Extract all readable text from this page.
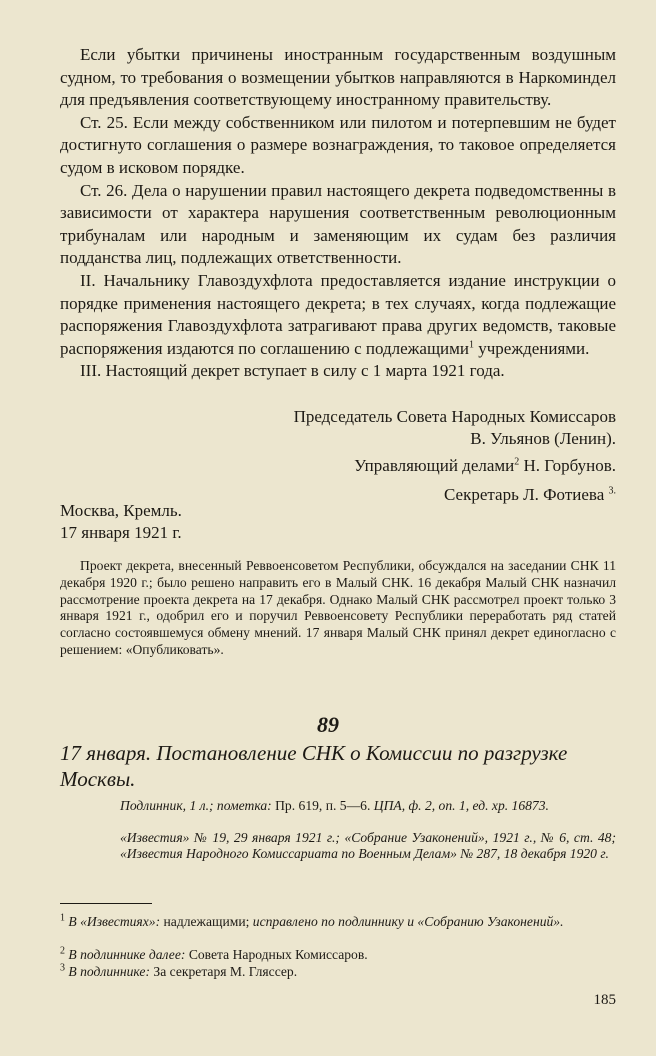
Если убытки причинены иностранным государственным воздушным судном, то требования о возмещении убытков направляются в Наркоминдел для предъявления соответствующему иностранному правительству.

Ст. 25. Если между собственником или пилотом и потерпевшим не будет достигнуто соглашения о размере вознаграждения, то таковое определяется судом в исковом порядке.

Ст. 26. Дела о нарушении правил настоящего декрета подведомственны в зависимости от характера нарушения соответственным революционным трибуналам или народным и заменяющим их судам без различия подданства лиц, подлежащих ответственности.

II. Начальнику Главоздухфлота предоставляется издание инструкции о порядке применения настоящего декрета; в тех случаях, когда подлежащие распоряжения Главоздухфлота затрагивают права других ведомств, таковые распоряжения издаются по соглашению с подлежащими$^1$ учреждениями.

III. Настоящий декрет вступает в силу с 1 марта 1921 года.

Председатель Совета Народных Комиссаров
В. Ульянов (Ленин).
Управляющий делами$^2$ Н. Горбунов.
Секретарь Л. Фотиева $^{3.}$
Москва, Кремль.
17 января 1921 г.
Проект декрета, внесенный Реввоенсоветом Республики, обсуждался на заседании СНК 11 декабря 1920 г.; было решено направить его в Малый СНК. 16 декабря Малый СНК назначил рассмотрение проекта декрета на 17 декабря. Однако Малый СНК рассмотрел проект только 3 января 1921 г., одобрил его и поручил Реввоенсовету Республики переработать ряд статей согласно состоявшемуся обмену мнений. 17 января Малый СНК принял декрет единогласно с решением: «Опубликовать».
89
17 января. Постановление СНК о Комиссии по разгрузке Москвы.
Подлинник, 1 л.; пометка: Пр. 619, п. 5—6. ЦПА, ф. 2, оп. 1, ед. хр. 16873.
«Известия» № 19, 29 января 1921 г.; «Собрание Узаконений», 1921 г., № 6, ст. 48; «Известия Народного Комиссариата по Военным Делам» № 287, 18 декабря 1920 г.
$^1$ В «Известиях»: надлежащими; исправлено по подлиннику и «Собранию Узаконений».
$^2$ В подлиннике далее: Совета Народных Комиссаров.
$^3$ В подлиннике: За секретаря М. Гляссер.
185
